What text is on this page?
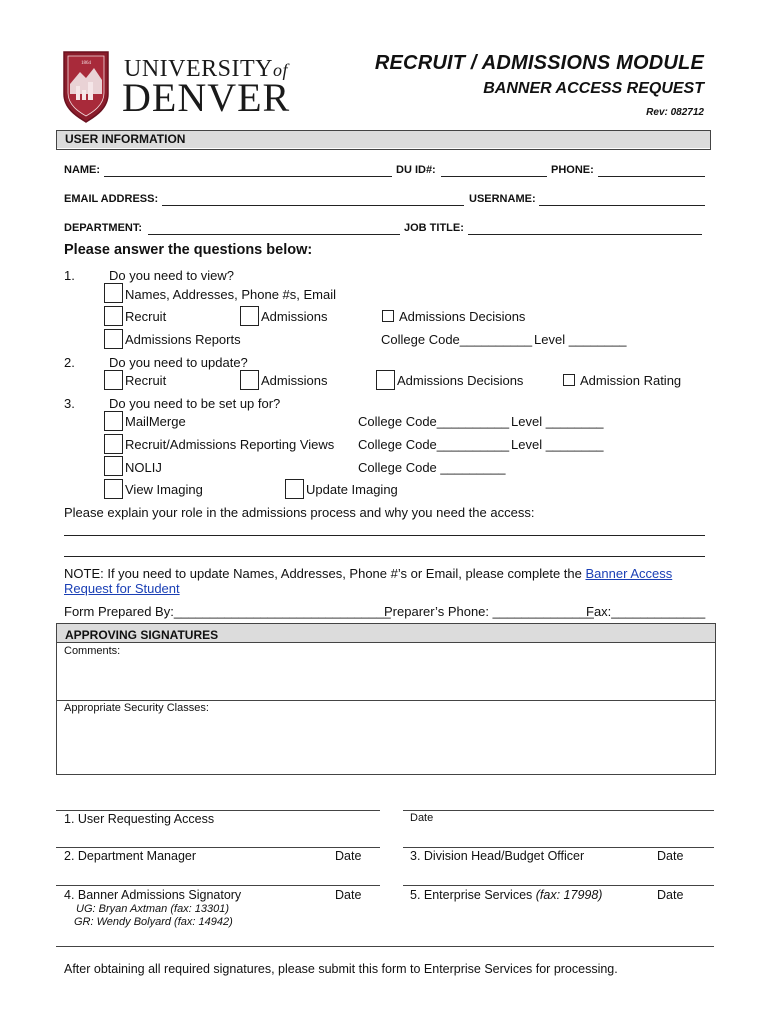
1864 UNIVERSITYof
DENVER
RECRUIT / ADMISSIONS MODULE
BANNER ACCESS REQUEST
Rev: 082712
USER INFORMATION
NAME:	DU ID#:	PHONE:
EMAIL ADDRESS:	USERNAME:
DEPARTMENT:	JOB TITLE:
Please answer the questions below:
1.	Do you need to view?
Names, Addresses, Phone #s, Email
Recruit	Admissions	Admissions Decisions
Admissions Reports	College Code__________ Level ________
2.	Do you need to update?
Recruit	Admissions	Admissions Decisions	Admission Rating
3.	Do you need to be set up for?
MailMerge	College Code__________ Level ________
Recruit/Admissions Reporting Views College Code__________ Level ________
NOLIJ	College Code _________
View Imaging	Update Imaging
Please explain your role in the admissions process and why you need the access:
NOTE: If you need to update Names, Addresses, Phone #’s or Email, please complete the Banner Access
Request for Student
Form Prepared By:______________________________
Preparer’s Phone: ______________
Fax:_____________
APPROVING SIGNATURES
Comments:
Appropriate Security Classes:
1. User Requesting Access	Date
2. Department Manager	Date	3. Division Head/Budget Officer	Date
4. Banner Admissions Signatory	Date
UG: Bryan Axtman (fax: 13301)
GR: Wendy Bolyard (fax: 14942)
5. Enterprise Services (fax: 17998)	Date
After obtaining all required signatures, please submit this form to Enterprise Services for processing.
